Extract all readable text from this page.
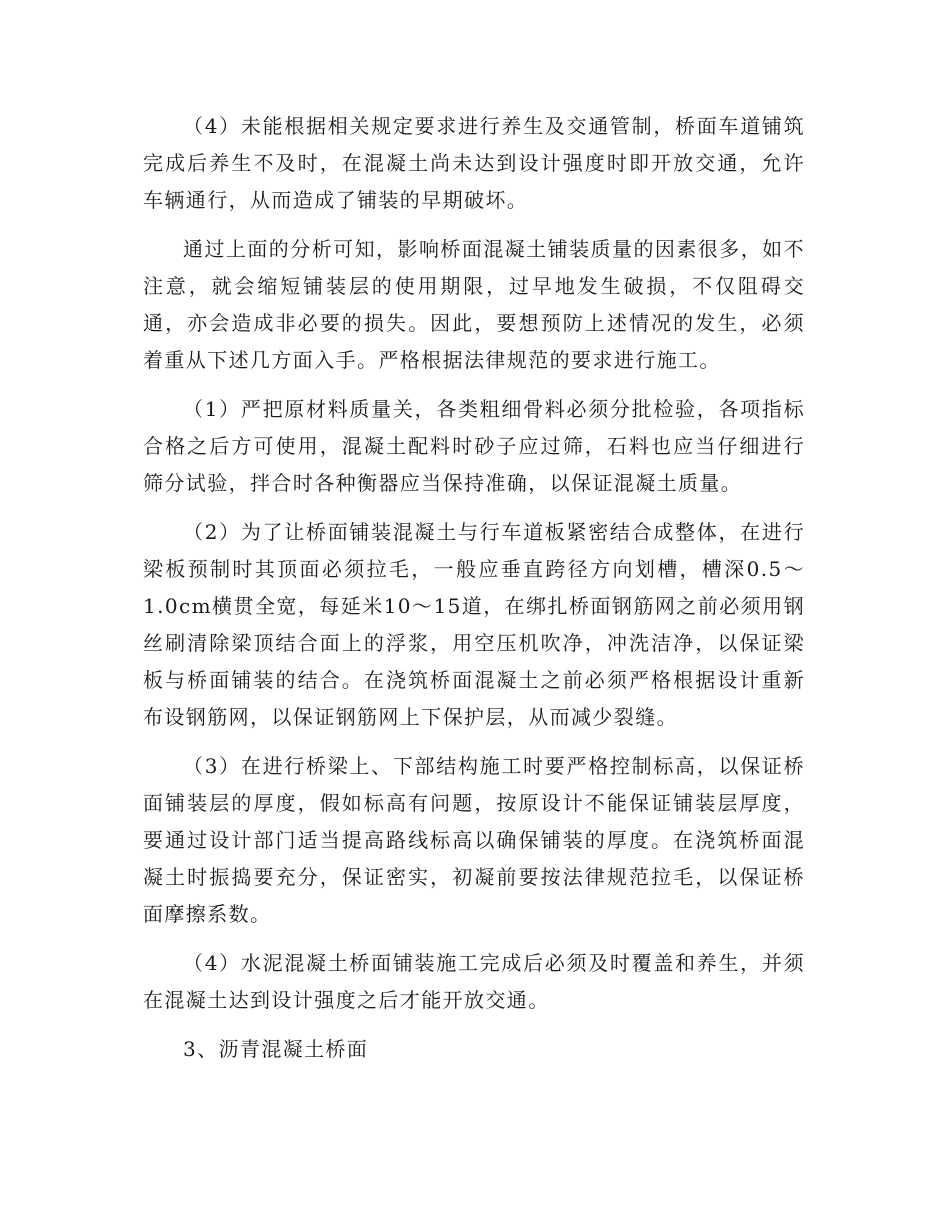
（4）未能根据相关规定要求进行养生及交通管制，桥面车道铺筑完成后养生不及时，在混凝土尚未达到设计强度时即开放交通，允许车辆通行，从而造成了铺装的早期破坏。

通过上面的分析可知，影响桥面混凝土铺装质量的因素很多，如不注意，就会缩短铺装层的使用期限，过早地发生破损，不仅阻碍交通，亦会造成非必要的损失。因此，要想预防上述情况的发生，必须着重从下述几方面入手。严格根据法律规范的要求进行施工。

（1）严把原材料质量关，各类粗细骨料必须分批检验，各项指标合格之后方可使用，混凝土配料时砂子应过筛，石料也应当仔细进行筛分试验，拌合时各种衡器应当保持准确，以保证混凝土质量。

（2）为了让桥面铺装混凝土与行车道板紧密结合成整体，在进行梁板预制时其顶面必须拉毛，一般应垂直跨径方向划槽，槽深0.5～1.0cm横贯全宽，每延米10～15道，在绑扎桥面钢筋网之前必须用钢丝刷清除梁顶结合面上的浮浆，用空压机吹净，冲洗洁净，以保证梁板与桥面铺装的结合。在浇筑桥面混凝土之前必须严格根据设计重新布设钢筋网，以保证钢筋网上下保护层，从而减少裂缝。

（3）在进行桥梁上、下部结构施工时要严格控制标高，以保证桥面铺装层的厚度，假如标高有问题，按原设计不能保证铺装层厚度，要通过设计部门适当提高路线标高以确保铺装的厚度。在浇筑桥面混凝土时振捣要充分，保证密实，初凝前要按法律规范拉毛，以保证桥面摩擦系数。

（4）水泥混凝土桥面铺装施工完成后必须及时覆盖和养生，并须在混凝土达到设计强度之后才能开放交通。

3、沥青混凝土桥面
